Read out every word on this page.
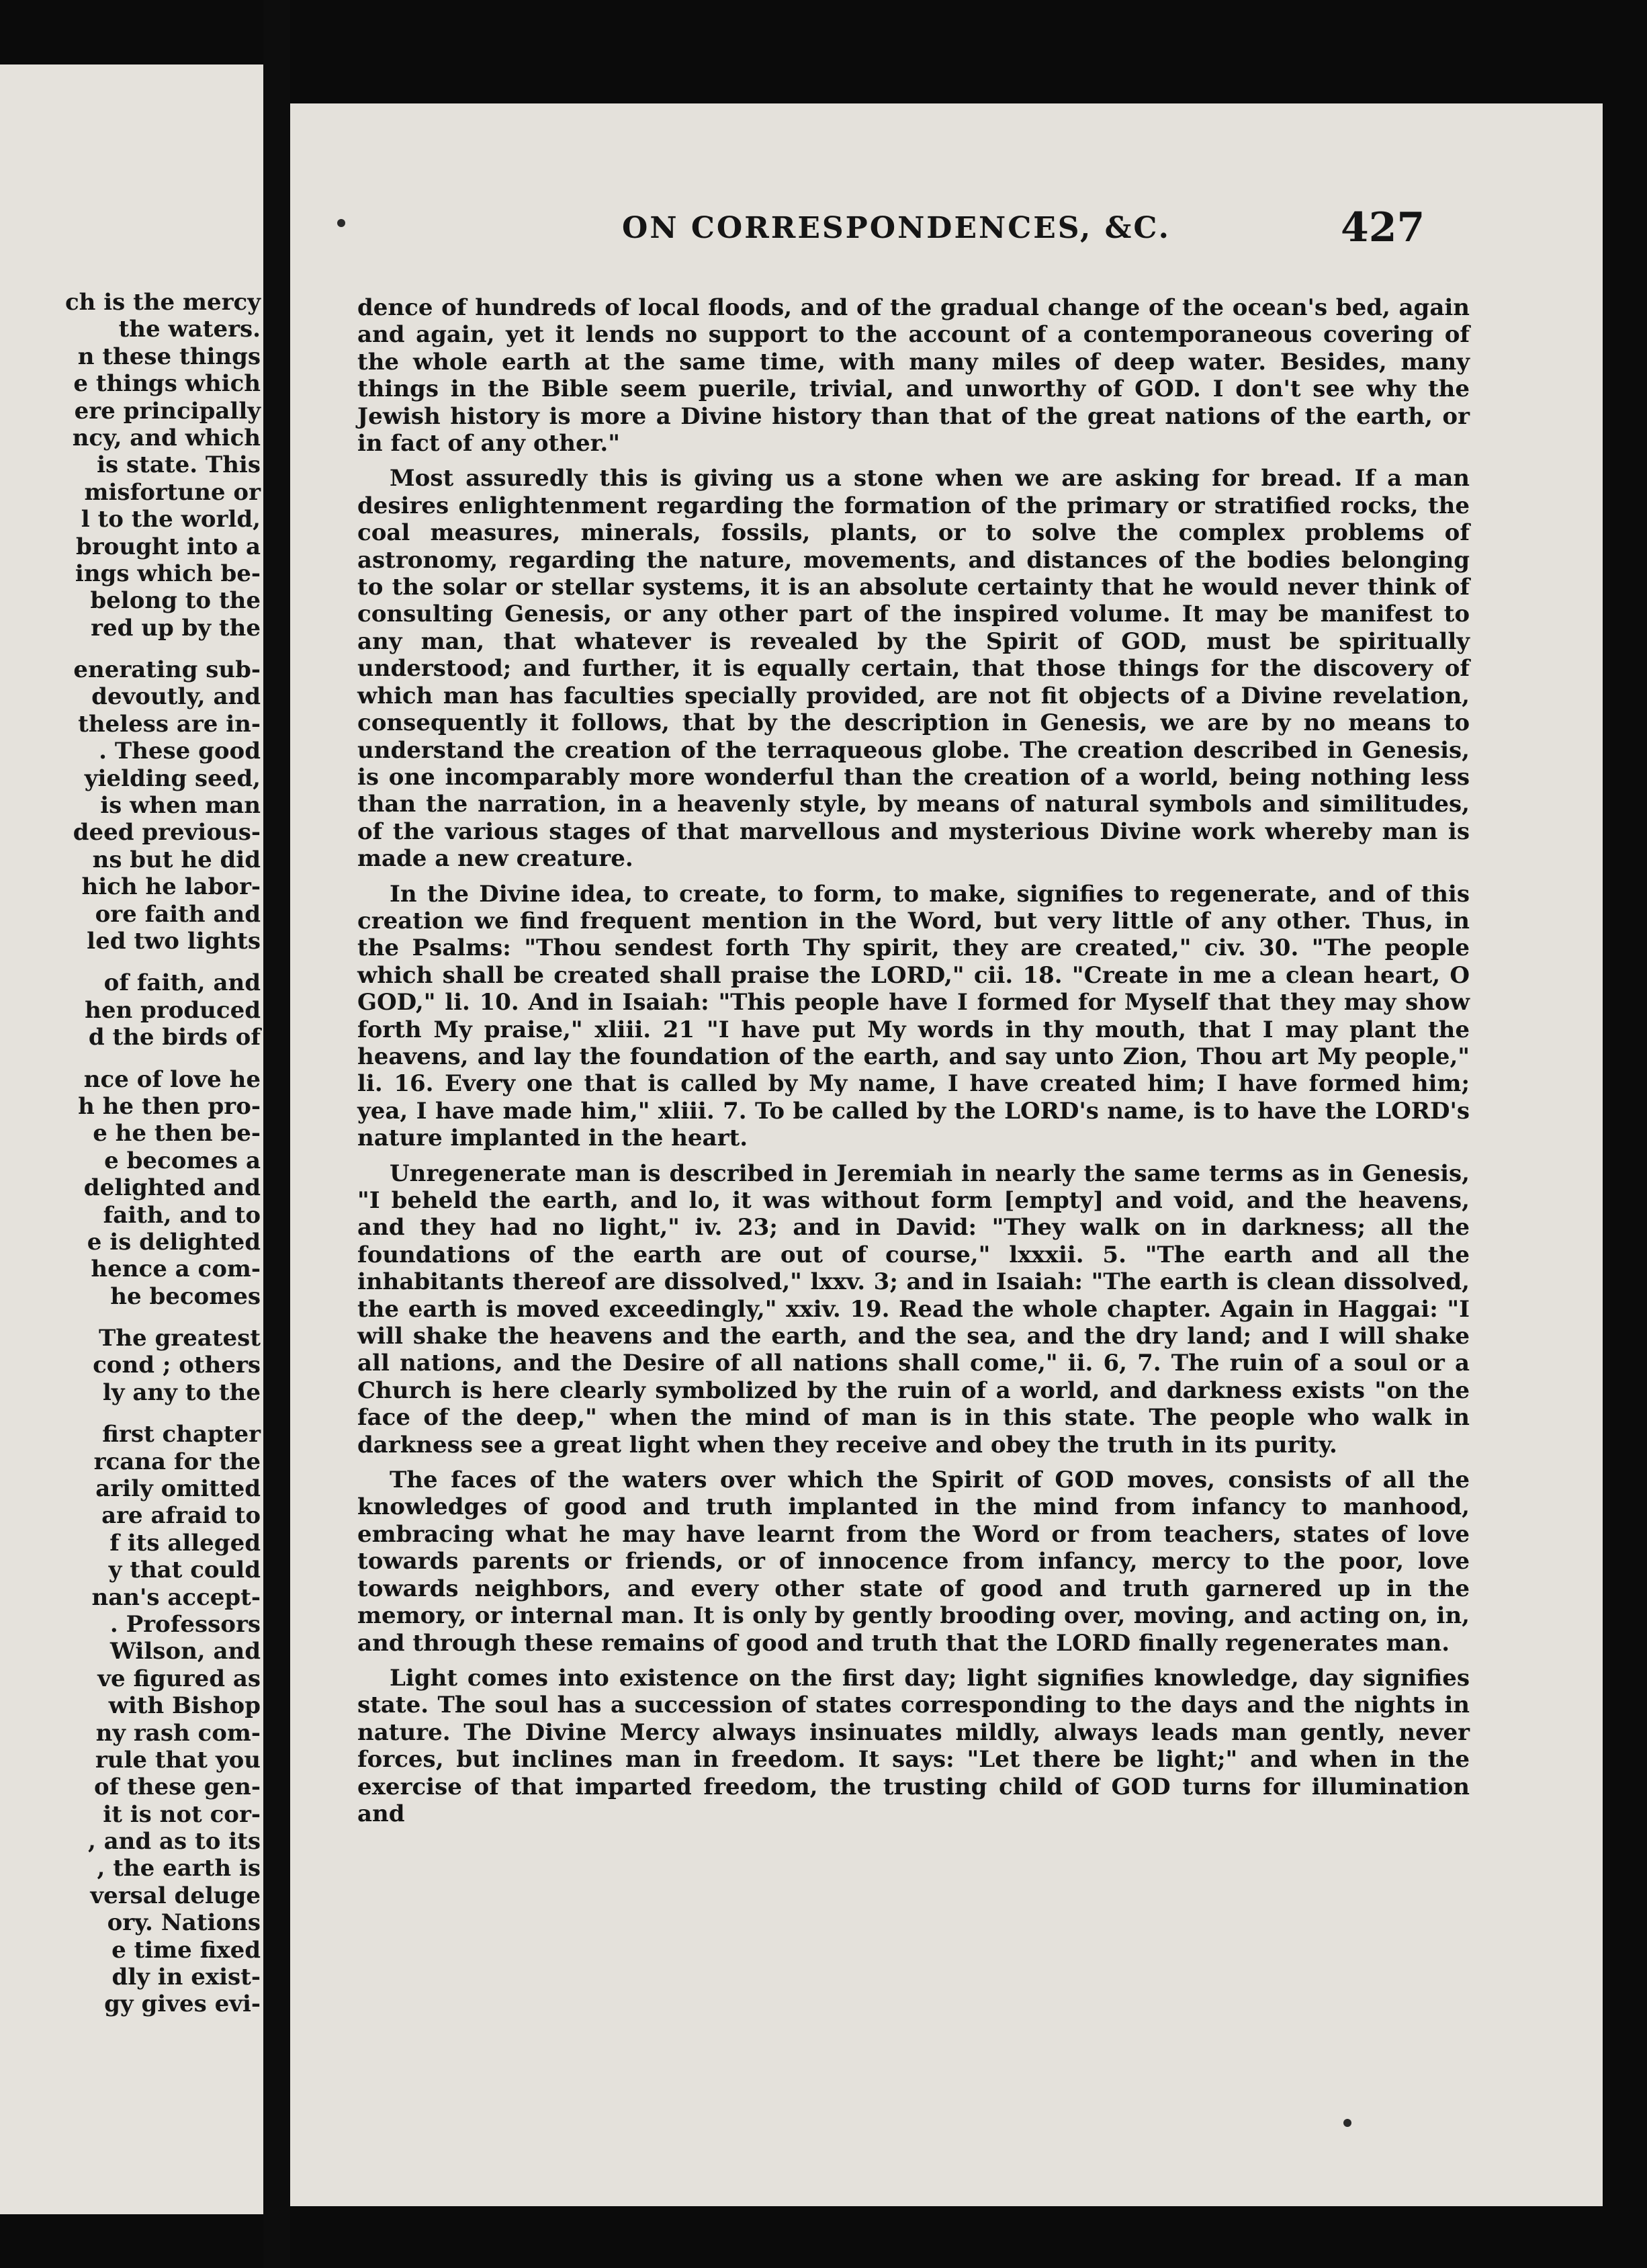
ch is the mercy
the waters.
n these things
e things which
ere principally
ncy, and which
is state. This
misfortune or
l to the world,
brought into a
ings which be-
belong to the
red up by the
enerating sub-
devoutly, and
theless are in-
. These good
yielding seed,
is when man
deed previous-
ns but he did
hich he labor-
ore faith and
led two lights
of faith, and
hen produced
d the birds of
nce of love he
h he then pro-
e he then be-
e becomes a
delighted and
faith, and to
e is delighted
hence a com-
he becomes
The greatest
cond ; others
ly any to the
first chapter
rcana for the
arily omitted
are afraid to
f its alleged
y that could
nan's accept-
. Professors
Wilson, and
ve figured as
with Bishop
ny rash com-
rule that you
of these gen-
it is not cor-
, and as to its
, the earth is
versal deluge
ory. Nations
e time fixed
dly in exist-
gy gives evi-
ON CORRESPONDENCES, &C.	427

dence of hundreds of local floods, and of the gradual change of the ocean's bed, again and again, yet it lends no support to the account of a contemporaneous covering of the whole earth at the same time, with many miles of deep water. Besides, many things in the Bible seem puerile, trivial, and unworthy of GOD. I don't see why the Jewish history is more a Divine history than that of the great nations of the earth, or in fact of any other."

Most assuredly this is giving us a stone when we are asking for bread. If a man desires enlightenment regarding the formation of the primary or stratified rocks, the coal measures, minerals, fossils, plants, or to solve the complex problems of astronomy, regarding the nature, movements, and distances of the bodies belonging to the solar or stellar systems, it is an absolute certainty that he would never think of consulting Genesis, or any other part of the inspired volume. It may be manifest to any man, that whatever is revealed by the Spirit of GOD, must be spiritually understood; and further, it is equally certain, that those things for the discovery of which man has faculties specially provided, are not fit objects of a Divine revelation, consequently it follows, that by the description in Genesis, we are by no means to understand the creation of the terraqueous globe. The creation described in Genesis, is one incomparably more wonderful than the creation of a world, being nothing less than the narration, in a heavenly style, by means of natural symbols and similitudes, of the various stages of that marvellous and mysterious Divine work whereby man is made a new creature.

In the Divine idea, to create, to form, to make, signifies to regenerate, and of this creation we find frequent mention in the Word, but very little of any other. Thus, in the Psalms: "Thou sendest forth Thy spirit, they are created," civ. 30. "The people which shall be created shall praise the LORD," cii. 18. "Create in me a clean heart, O GOD," li. 10. And in Isaiah: "This people have I formed for Myself that they may show forth My praise," xliii. 21 "I have put My words in thy mouth, that I may plant the heavens, and lay the foundation of the earth, and say unto Zion, Thou art My people," li. 16. Every one that is called by My name, I have created him; I have formed him; yea, I have made him," xliii. 7. To be called by the LORD's name, is to have the LORD's nature implanted in the heart.

Unregenerate man is described in Jeremiah in nearly the same terms as in Genesis, "I beheld the earth, and lo, it was without form [empty] and void, and the heavens, and they had no light," iv. 23; and in David: "They walk on in darkness; all the foundations of the earth are out of course," lxxxii. 5. "The earth and all the inhabitants thereof are dissolved," lxxv. 3; and in Isaiah: "The earth is clean dissolved, the earth is moved exceedingly," xxiv. 19. Read the whole chapter. Again in Haggai: "I will shake the heavens and the earth, and the sea, and the dry land; and I will shake all nations, and the Desire of all nations shall come," ii. 6, 7. The ruin of a soul or a Church is here clearly symbolized by the ruin of a world, and darkness exists "on the face of the deep," when the mind of man is in this state. The people who walk in darkness see a great light when they receive and obey the truth in its purity.

The faces of the waters over which the Spirit of GOD moves, consists of all the knowledges of good and truth implanted in the mind from infancy to manhood, embracing what he may have learnt from the Word or from teachers, states of love towards parents or friends, or of innocence from infancy, mercy to the poor, love towards neighbors, and every other state of good and truth garnered up in the memory, or internal man. It is only by gently brooding over, moving, and acting on, in, and through these remains of good and truth that the LORD finally regenerates man.

Light comes into existence on the first day; light signifies knowledge, day signifies state. The soul has a succession of states corresponding to the days and the nights in nature. The Divine Mercy always insinuates mildly, always leads man gently, never forces, but inclines man in freedom. It says: "Let there be light;" and when in the exercise of that imparted freedom, the trusting child of GOD turns for illumination and
